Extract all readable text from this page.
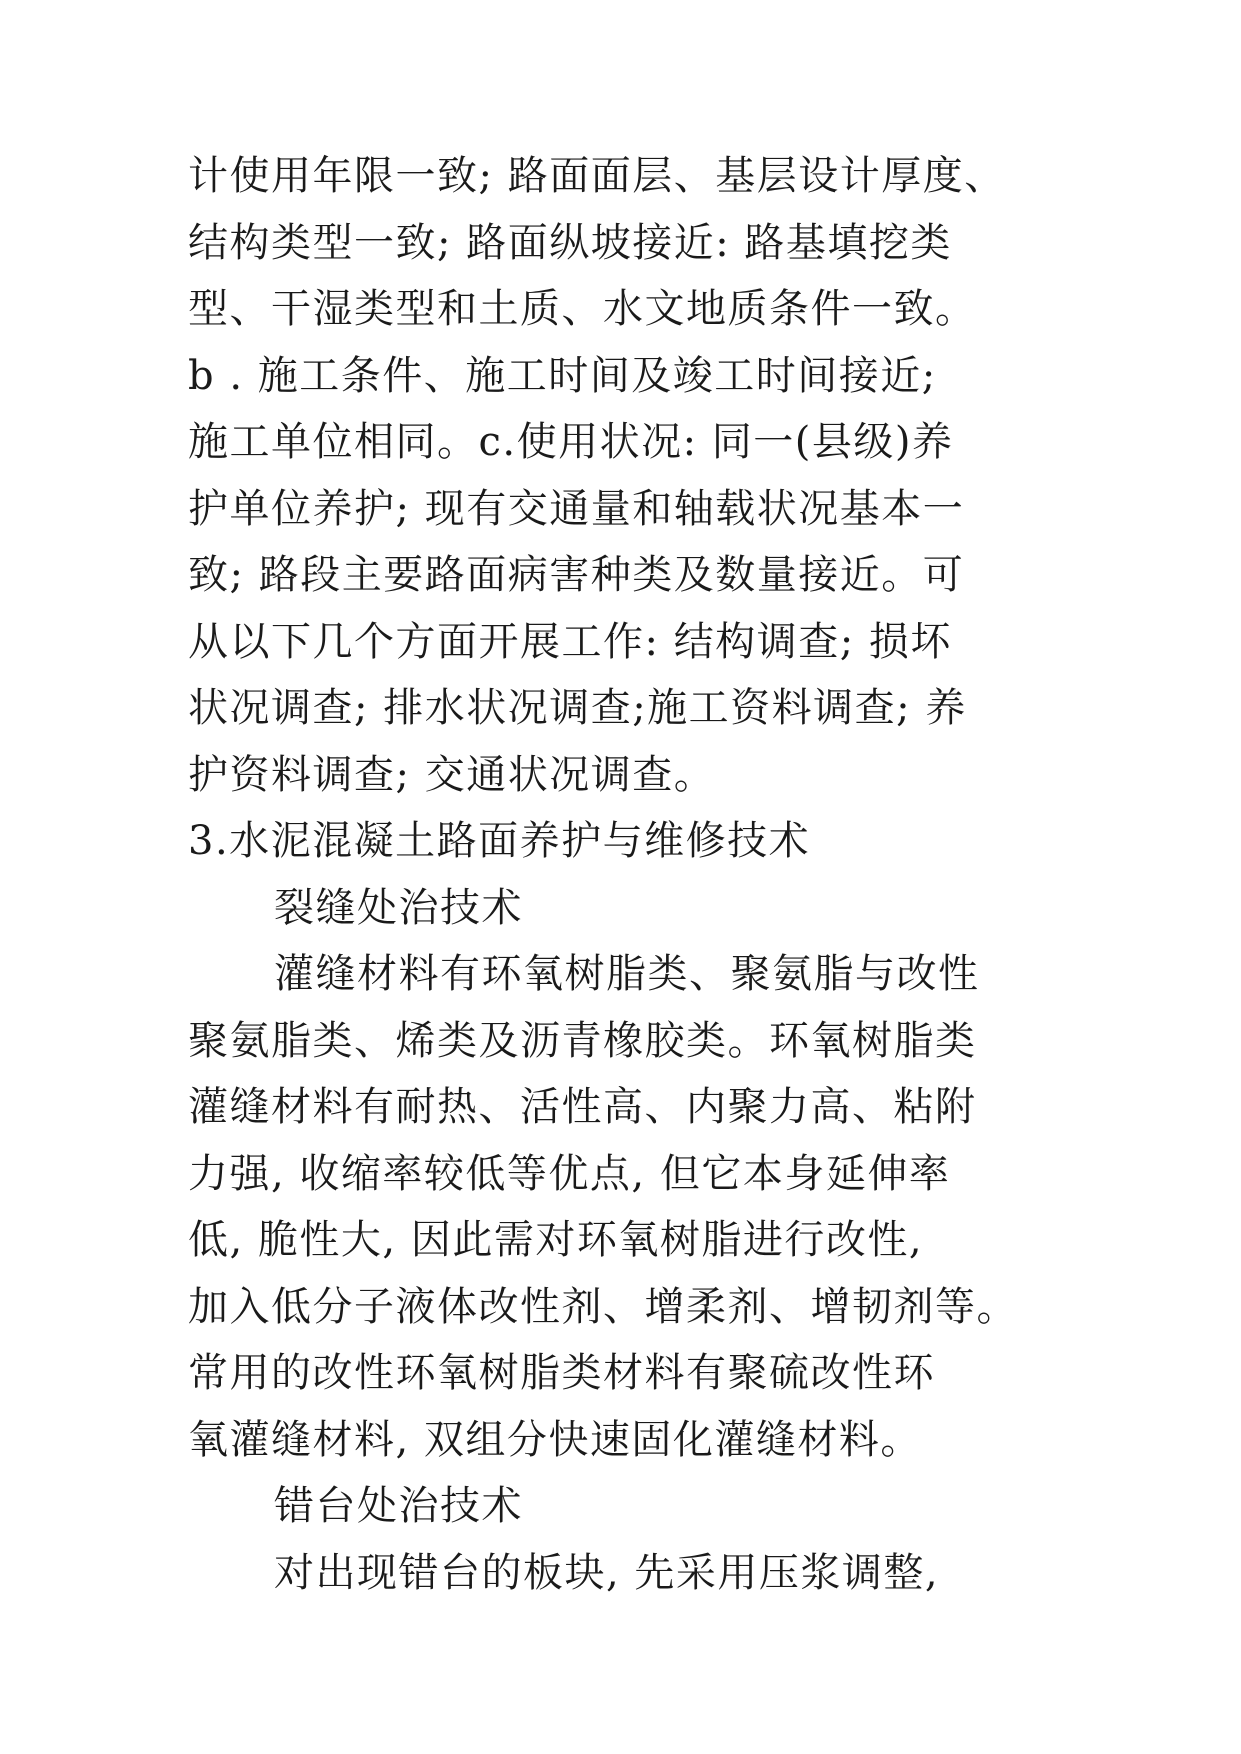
计使用年限一致; 路面面层、基层设计厚度、
结构类型一致; 路面纵坡接近: 路基填挖类
型、干湿类型和土质、水文地质条件一致。
b . 施工条件、施工时间及竣工时间接近;
施工单位相同。c.使用状况: 同一(县级)养
护单位养护; 现有交通量和轴载状况基本一
致; 路段主要路面病害种类及数量接近。可
从以下几个方面开展工作: 结构调查; 损坏
状况调查; 排水状况调查;施工资料调查; 养
护资料调查; 交通状况调查。
3.水泥混凝土路面养护与维修技术
裂缝处治技术
灌缝材料有环氧树脂类、聚氨脂与改性
聚氨脂类、烯类及沥青橡胶类。环氧树脂类
灌缝材料有耐热、活性高、内聚力高、粘附
力强, 收缩率较低等优点, 但它本身延伸率
低, 脆性大, 因此需对环氧树脂进行改性,
加入低分子液体改性剂、增柔剂、增韧剂等。
常用的改性环氧树脂类材料有聚硫改性环
氧灌缝材料, 双组分快速固化灌缝材料。
错台处治技术
对出现错台的板块, 先采用压浆调整,
